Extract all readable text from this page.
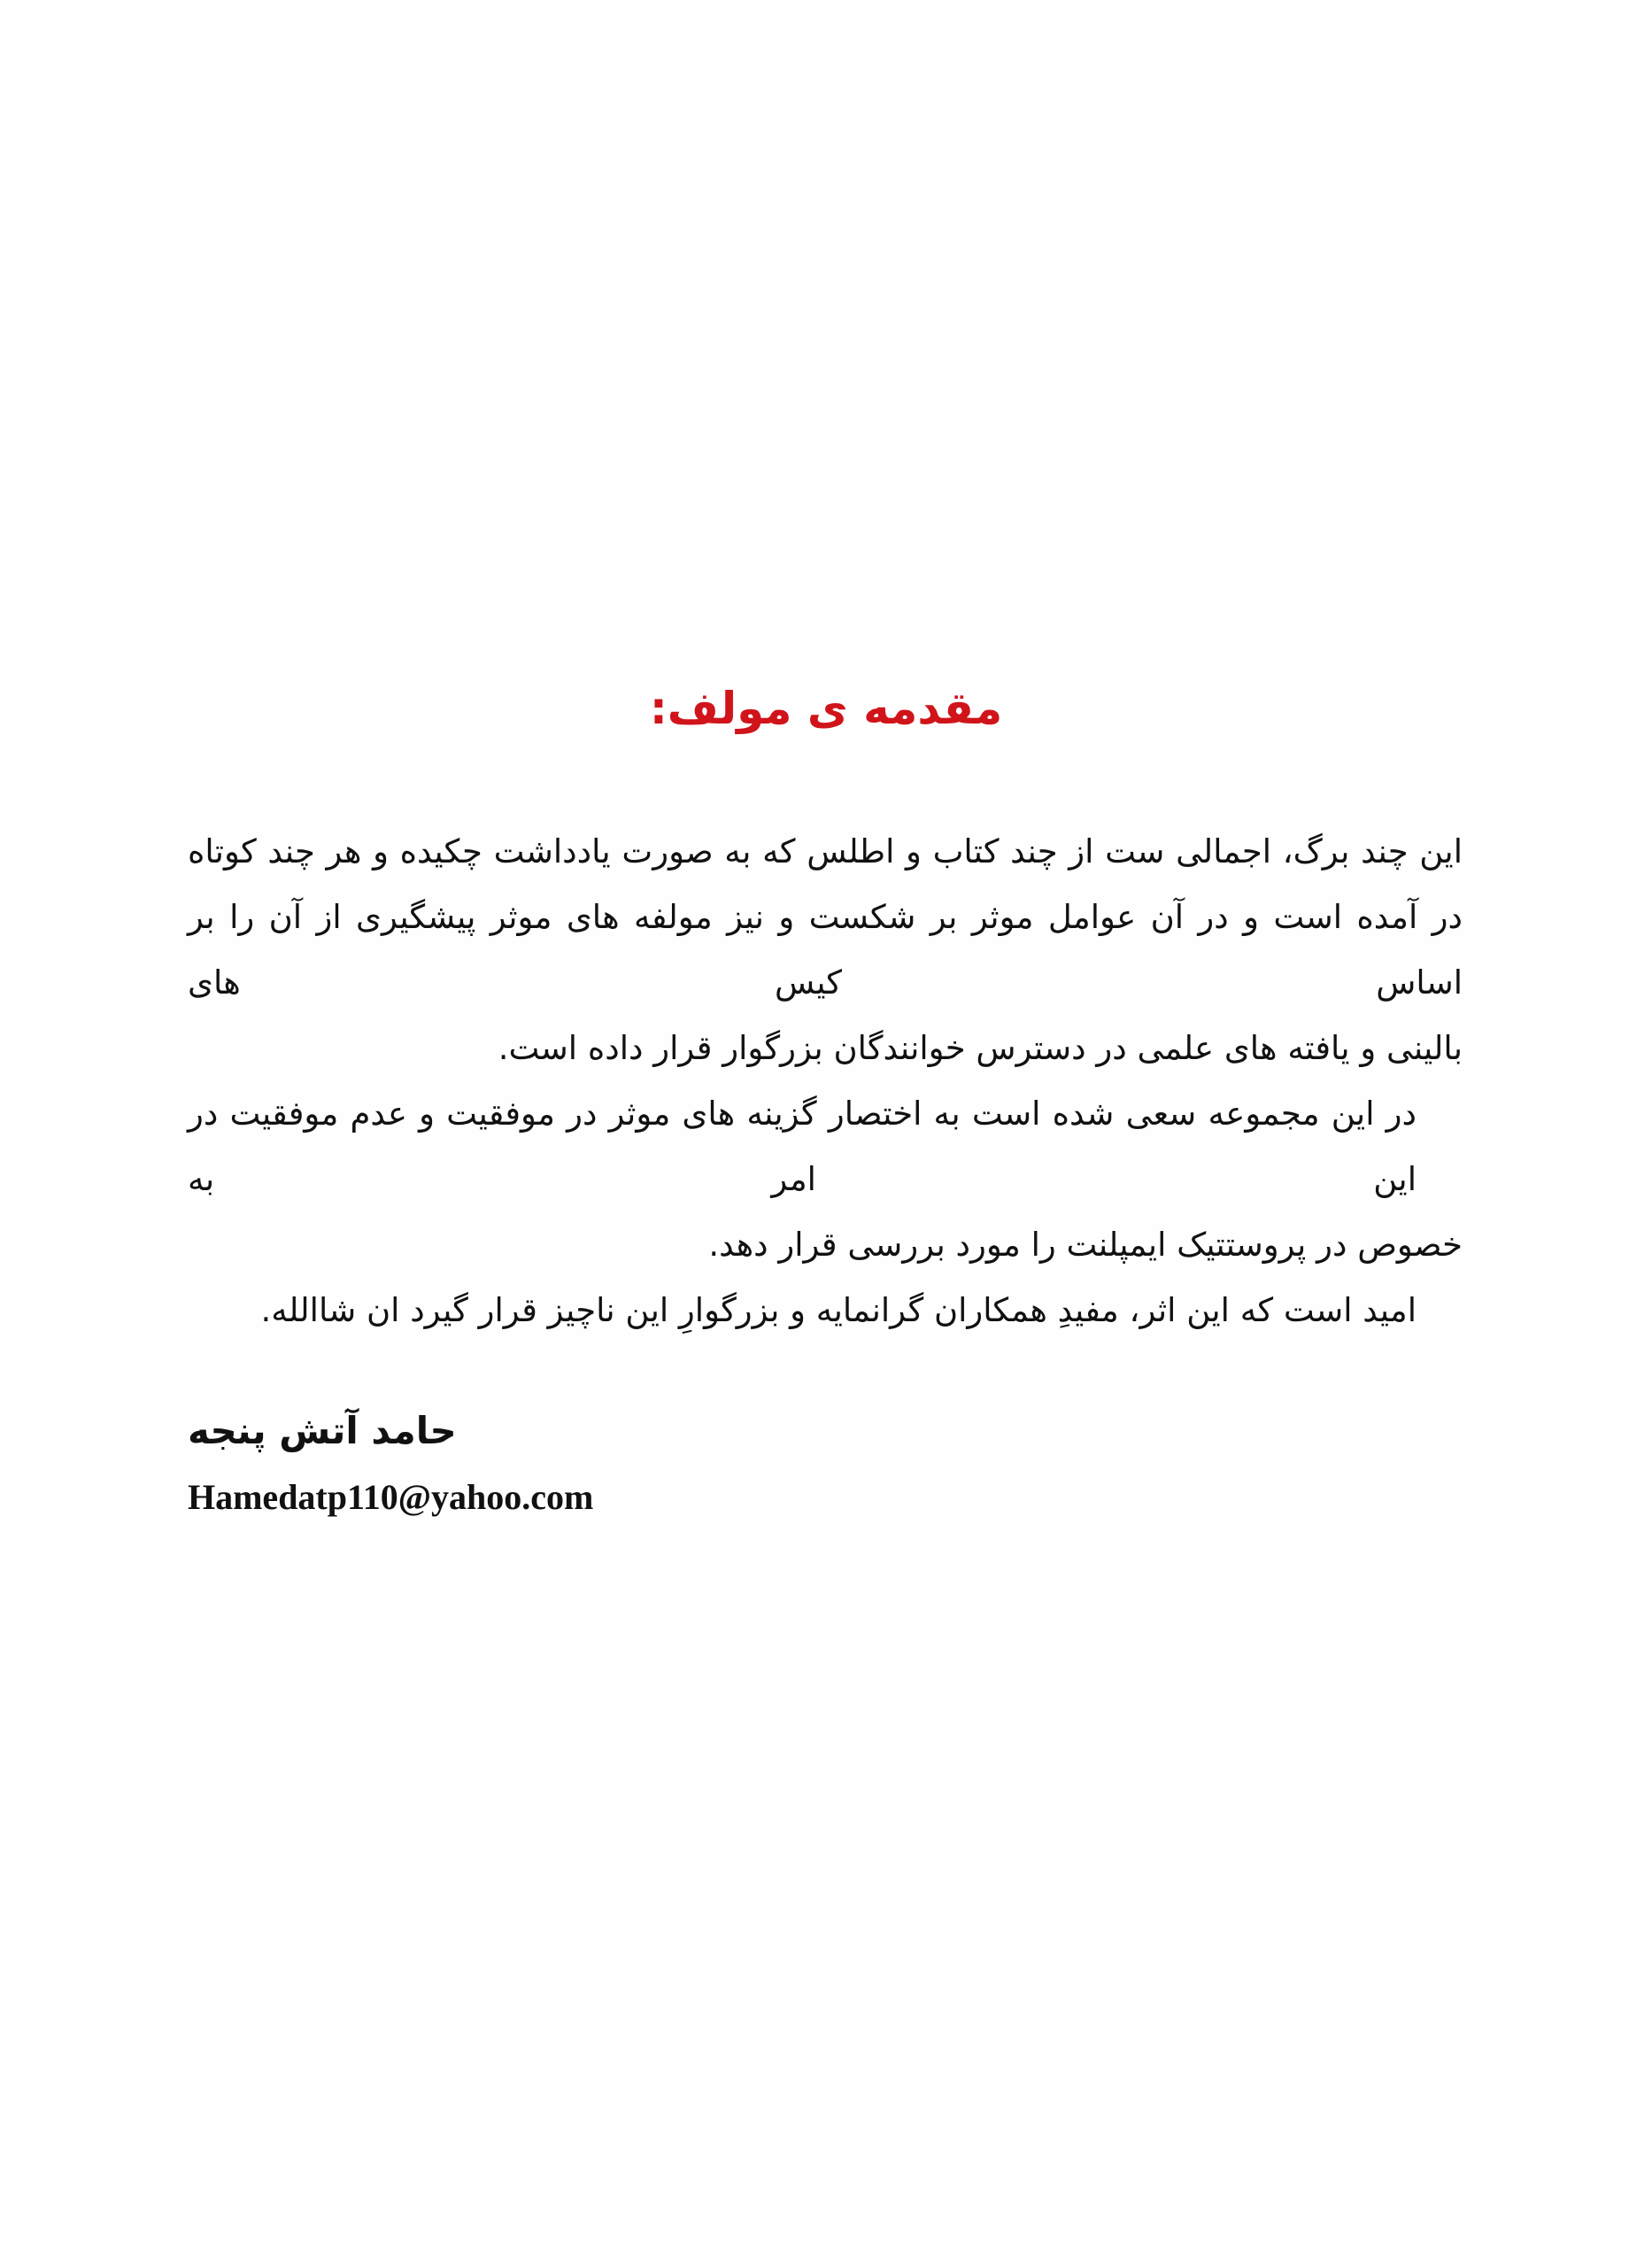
مقدمه ی مولف:
این چند برگ، اجمالی ست از چند کتاب و اطلس که به صورت یادداشت چکیده و هر چند کوتاه
در آمده است و در آن عوامل موثر بر شکست و نیز مولفه های موثر پیشگیری از آن را بر اساس کیس های
بالینی و یافته های علمی در دسترس خوانندگان بزرگوار قرار داده است.
در این مجموعه سعی شده است به اختصار گزینه های موثر در موفقیت و عدم موفقیت در این امر به
خصوص در پروستتیک ایمپلنت را مورد بررسی قرار دهد.
امید است که این اثر، مفیدِ همکاران گرانمایه و بزرگوارِ این ناچیز قرار گیرد ان شاالله.
حامد آتش پنجه
Hamedatp110@yahoo.com
